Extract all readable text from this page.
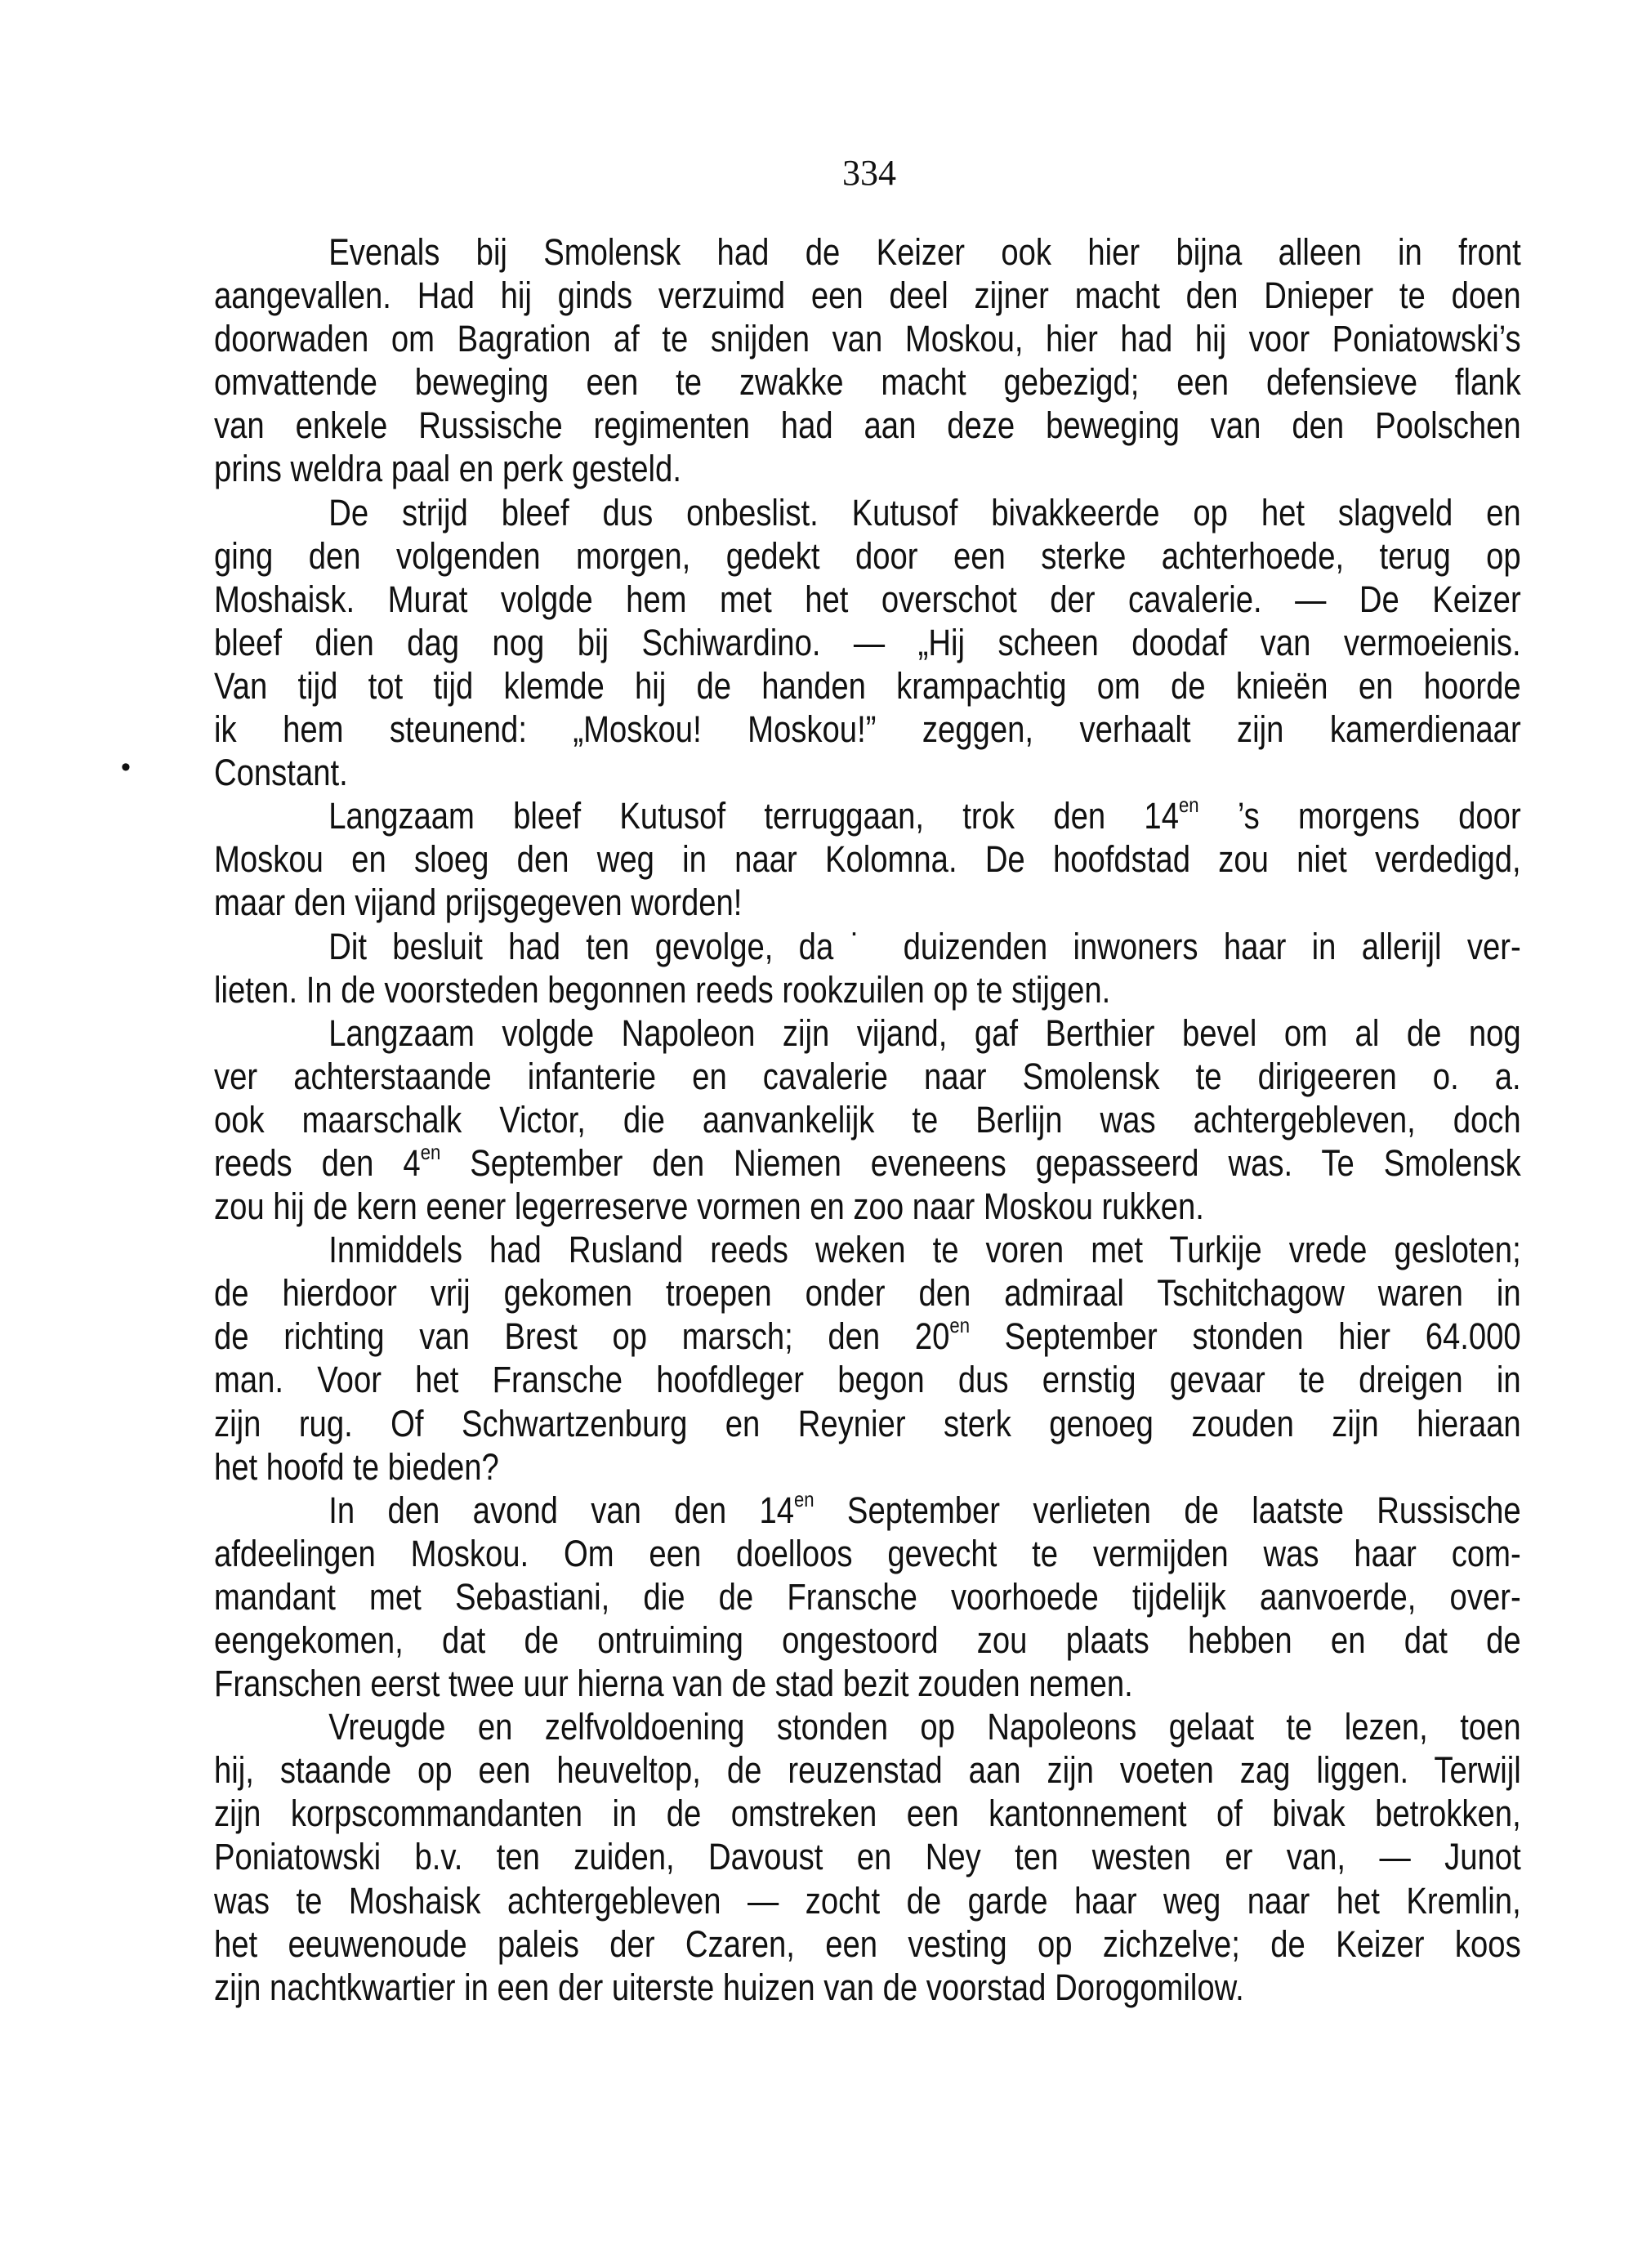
334
•
Evenals bij Smolensk had de Keizer ook hier bijna alleen in front
aangevallen. Had hij ginds verzuimd een deel zijner macht den Dnieper te doen
doorwaden om Bagration af te snijden van Moskou, hier had hij voor Poniatowski’s
omvattende beweging een te zwakke macht gebezigd; een defensieve flank
van enkele Russische regimenten had aan deze beweging van den Poolschen
prins weldra paal en perk gesteld.
De strijd bleef dus onbeslist. Kutusof bivakkeerde op het slagveld en
ging den volgenden morgen, gedekt door een sterke achterhoede, terug op
Moshaisk. Murat volgde hem met het overschot der cavalerie. — De Keizer
bleef dien dag nog bij Schiwardino. — „Hij scheen doodaf van vermoeienis.
Van tijd tot tijd klemde hij de handen krampachtig om de knieën en hoorde
ik hem steunend: „Moskou! Moskou!” zeggen, verhaalt zijn kamerdienaar
Constant.
Langzaam bleef Kutusof terruggaan, trok den $14^{en}$ ’s morgens door
Moskou en sloeg den weg in naar Kolomna. De hoofdstad zou niet verdedigd,
maar den vijand prijsgegeven worden!
Dit besluit had ten gevolge, da˙ duizenden inwoners haar in allerijl ver-
lieten. In de voorsteden begonnen reeds rookzuilen op te stijgen.
Langzaam volgde Napoleon zijn vijand, gaf Berthier bevel om al de nog
ver achterstaande infanterie en cavalerie naar Smolensk te dirigeeren o. a.
ook maarschalk Victor, die aanvankelijk te Berlijn was achtergebleven, doch
reeds den $4^{en}$ September den Niemen eveneens gepasseerd was. Te Smolensk
zou hij de kern eener legerreserve vormen en zoo naar Moskou rukken.
Inmiddels had Rusland reeds weken te voren met Turkije vrede gesloten;
de hierdoor vrij gekomen troepen onder den admiraal Tschitchagow waren in
de richting van Brest op marsch; den $20^{en}$ September stonden hier 64.000
man. Voor het Fransche hoofdleger begon dus ernstig gevaar te dreigen in
zijn rug. Of Schwartzenburg en Reynier sterk genoeg zouden zijn hieraan
het hoofd te bieden?
In den avond van den $14^{en}$ September verlieten de laatste Russische
afdeelingen Moskou. Om een doelloos gevecht te vermijden was haar com-
mandant met Sebastiani, die de Fransche voorhoede tijdelijk aanvoerde, over-
eengekomen, dat de ontruiming ongestoord zou plaats hebben en dat de
Franschen eerst twee uur hierna van de stad bezit zouden nemen.
Vreugde en zelfvoldoening stonden op Napoleons gelaat te lezen, toen
hij, staande op een heuveltop, de reuzenstad aan zijn voeten zag liggen. Terwijl
zijn korpscommandanten in de omstreken een kantonnement of bivak betrokken,
Poniatowski b.v. ten zuiden, Davoust en Ney ten westen er van, — Junot
was te Moshaisk achtergebleven — zocht de garde haar weg naar het Kremlin,
het eeuwenoude paleis der Czaren, een vesting op zichzelve; de Keizer koos
zijn nachtkwartier in een der uiterste huizen van de voorstad Dorogomilow.
